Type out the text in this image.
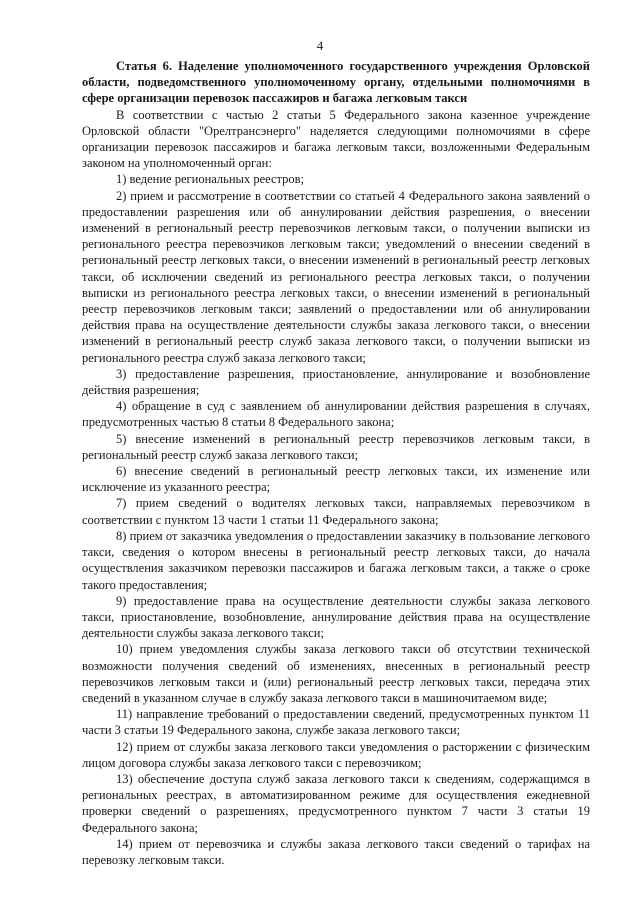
4

Статья 6. Наделение уполномоченного государственного учреждения Орловской области, подведомственного уполномоченному органу, отдельными полномочиями в сфере организации перевозок пассажиров и багажа легковым такси

В соответствии с частью 2 статьи 5 Федерального закона казенное учреждение Орловской области "Орелтрансэнерго" наделяется следующими полномочиями в сфере организации перевозок пассажиров и багажа легковым такси, возложенными Федеральным законом на уполномоченный орган:

1) ведение региональных реестров;

2) прием и рассмотрение в соответствии со статьей 4 Федерального закона заявлений о предоставлении разрешения или об аннулировании действия разрешения, о внесении изменений в региональный реестр перевозчиков легковым такси, о получении выписки из регионального реестра перевозчиков легковым такси; уведомлений о внесении сведений в региональный реестр легковых такси, о внесении изменений в региональный реестр легковых такси, об исключении сведений из регионального реестра легковых такси, о получении выписки из регионального реестра легковых такси, о внесении изменений в региональный реестр перевозчиков легковым такси; заявлений о предоставлении или об аннулировании действия права на осуществление деятельности службы заказа легкового такси, о внесении изменений в региональный реестр служб заказа легкового такси, о получении выписки из регионального реестра служб заказа легкового такси;

3) предоставление разрешения, приостановление, аннулирование и возобновление действия разрешения;

4) обращение в суд с заявлением об аннулировании действия разрешения в случаях, предусмотренных частью 8 статьи 8 Федерального закона;

5) внесение изменений в региональный реестр перевозчиков легковым такси, в региональный реестр служб заказа легкового такси;

6) внесение сведений в региональный реестр легковых такси, их изменение или исключение из указанного реестра;

7) прием сведений о водителях легковых такси, направляемых перевозчиком в соответствии с пунктом 13 части 1 статьи 11 Федерального закона;

8) прием от заказчика уведомления о предоставлении заказчику в пользование легкового такси, сведения о котором внесены в региональный реестр легковых такси, до начала осуществления заказчиком перевозки пассажиров и багажа легковым такси, а также о сроке такого предоставления;

9) предоставление права на осуществление деятельности службы заказа легкового такси, приостановление, возобновление, аннулирование действия права на осуществление деятельности службы заказа легкового такси;

10) прием уведомления службы заказа легкового такси об отсутствии технической возможности получения сведений об изменениях, внесенных в региональный реестр перевозчиков легковым такси и (или) региональный реестр легковых такси, передача этих сведений в указанном случае в службу заказа легкового такси в машиночитаемом виде;

11) направление требований о предоставлении сведений, предусмотренных пунктом 11 части 3 статьи 19 Федерального закона, службе заказа легкового такси;

12) прием от службы заказа легкового такси уведомления о расторжении с физическим лицом договора службы заказа легкового такси с перевозчиком;

13) обеспечение доступа служб заказа легкового такси к сведениям, содержащимся в региональных реестрах, в автоматизированном режиме для осуществления ежедневной проверки сведений о разрешениях, предусмотренного пунктом 7 части 3 статьи 19 Федерального закона;

14) прием от перевозчика и службы заказа легкового такси сведений о тарифах на перевозку легковым такси.
